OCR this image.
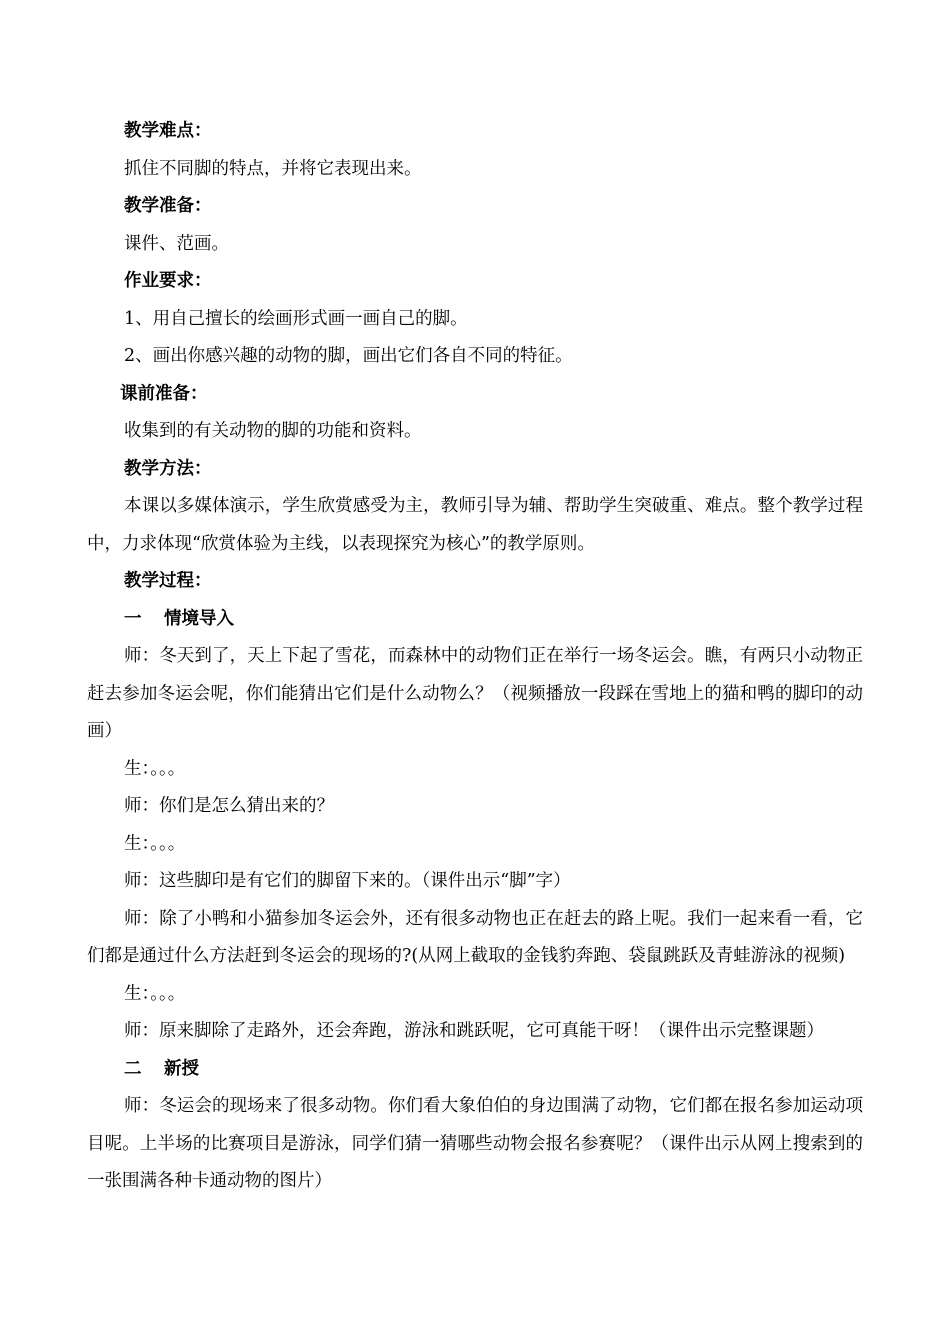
教学难点：
抓住不同脚的特点，并将它表现出来。
教学准备：
课件、范画。
作业要求：
1、用自己擅长的绘画形式画一画自己的脚。
2、画出你感兴趣的动物的脚，画出它们各自不同的特征。
课前准备：
收集到的有关动物的脚的功能和资料。
教学方法：
本课以多媒体演示，学生欣赏感受为主，教师引导为辅、帮助学生突破重、难点。整个教学过程中，力求体现“欣赏体验为主线，以表现探究为核心”的教学原则。
教学过程：
一 情境导入
师：冬天到了，天上下起了雪花，而森林中的动物们正在举行一场冬运会。瞧，有两只小动物正赶去参加冬运会呢，你们能猜出它们是什么动物么？（视频播放一段踩在雪地上的猫和鸭的脚印的动画）
生：。。。
师：你们是怎么猜出来的？
生：。。。
师：这些脚印是有它们的脚留下来的。（课件出示“脚”字）
师：除了小鸭和小猫参加冬运会外，还有很多动物也正在赶去的路上呢。我们一起来看一看，它们都是通过什么方法赶到冬运会的现场的?(从网上截取的金钱豹奔跑、袋鼠跳跃及青蛙游泳的视频)
生：。。。
师：原来脚除了走路外，还会奔跑，游泳和跳跃呢，它可真能干呀！（课件出示完整课题）
二 新授
师：冬运会的现场来了很多动物。你们看大象伯伯的身边围满了动物，它们都在报名参加运动项目呢。上半场的比赛项目是游泳，同学们猜一猜哪些动物会报名参赛呢？（课件出示从网上搜索到的一张围满各种卡通动物的图片）
